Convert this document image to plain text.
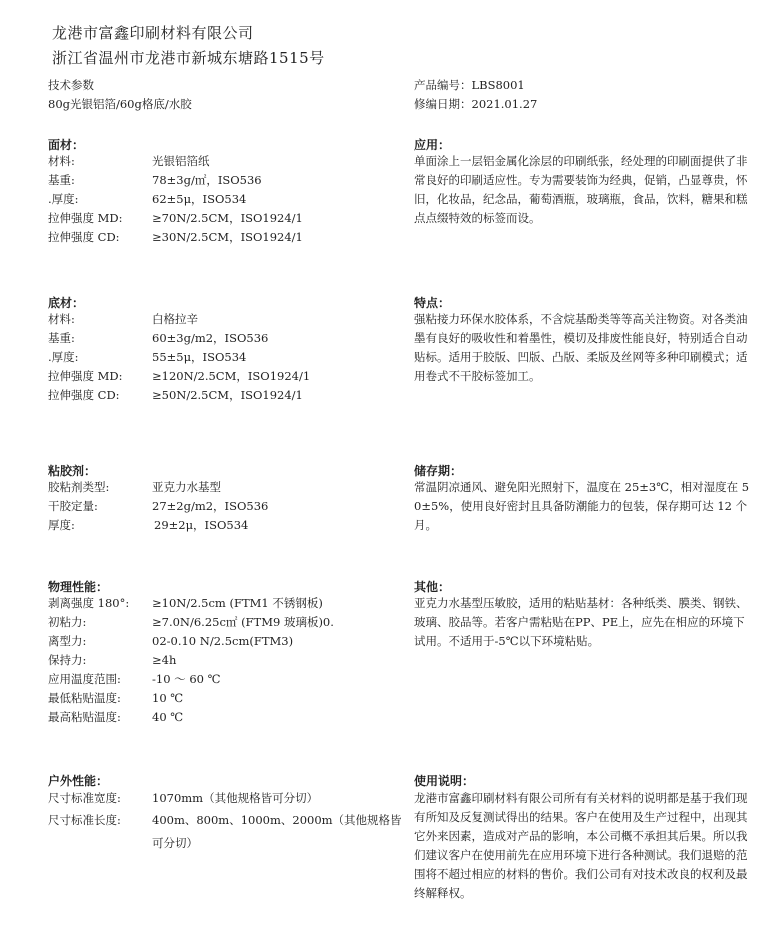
龙港市富鑫印刷材料有限公司
浙江省温州市龙港市新城东塘路1515号
技术参数
80g光银铝箔/60g格底/水胶
产品编号：LBS8001
修编日期：2021.01.27
面材：
材料:	光银铝箔纸
基重:	78±3g/㎡，ISO536
.厚度:	62±5μ，ISO534
拉伸强度 MD:	≥70N/2.5CM，ISO1924/1
拉伸强度 CD:	≥30N/2.5CM，ISO1924/1
底材：
材料:	白格拉辛
基重:	60±3g/m2，ISO536
.厚度:	55±5μ，ISO534
拉伸强度 MD:	≥120N/2.5CM，ISO1924/1
拉伸强度 CD:	≥50N/2.5CM，ISO1924/1
粘胶剂：
胶粘剂类型:	亚克力水基型
干胶定量:	27±2g/m2，ISO536
厚度:	29±2μ，ISO534
物理性能：
剥离强度 180°: ≥10N/2.5cm (FTM1 不锈钢板)
初粘力:	≥7.0N/6.25c㎡ (FTM9 玻璃板)0.
离型力:	02-0.10 N/2.5cm(FTM3)
保持力:	≥4h
应用温度范围:	-10 ～ 60 ℃
最低粘贴温度:	10 ℃
最高粘贴温度:	40 ℃
户外性能：
尺寸标准宽度:	1070mm（其他规格皆可分切）
尺寸标准长度:	400m、800m、1000m、2000m（其他规格皆
可分切）
应用：
单面涂上一层铝金属化涂层的印刷纸张，经处理的印刷面提供了非常良好的印刷适应性。专为需要装饰为经典，促销，凸显尊贵，怀旧，化妆品，纪念品，葡萄酒瓶，玻璃瓶，食品，饮料，糖果和糕点点缀特效的标签而设。
特点：
强粘接力环保水胶体系，不含烷基酚类等等高关注物资。对各类油墨有良好的吸收性和着墨性，模切及排废性能良好，特别适合自动贴标。适用于胶版、凹版、凸版、柔版及丝网等多种印刷模式；适用卷式不干胶标签加工。
储存期：
常温阴凉通风、避免阳光照射下，温度在 25±3℃，相对湿度在 50±5%，使用良好密封且具备防潮能力的包装，保存期可达 12 个月。
其他：
亚克力水基型压敏胶，适用的粘贴基材：各种纸类、膜类、钢铁、玻璃、胶品等。若客户需粘贴在PP、PE上，应先在相应的环境下试用。不适用于-5℃以下环境粘贴。
使用说明：
龙港市富鑫印刷材料有限公司所有有关材料的说明都是基于我们现有所知及反复测试得出的结果。客户在使用及生产过程中，出现其它外来因素，造成对产品的影响，本公司概不承担其后果。所以我们建议客户在使用前先在应用环境下进行各种测试。我们退赔的范围将不超过相应的材料的售价。我们公司有对技术改良的权利及最终解释权。
